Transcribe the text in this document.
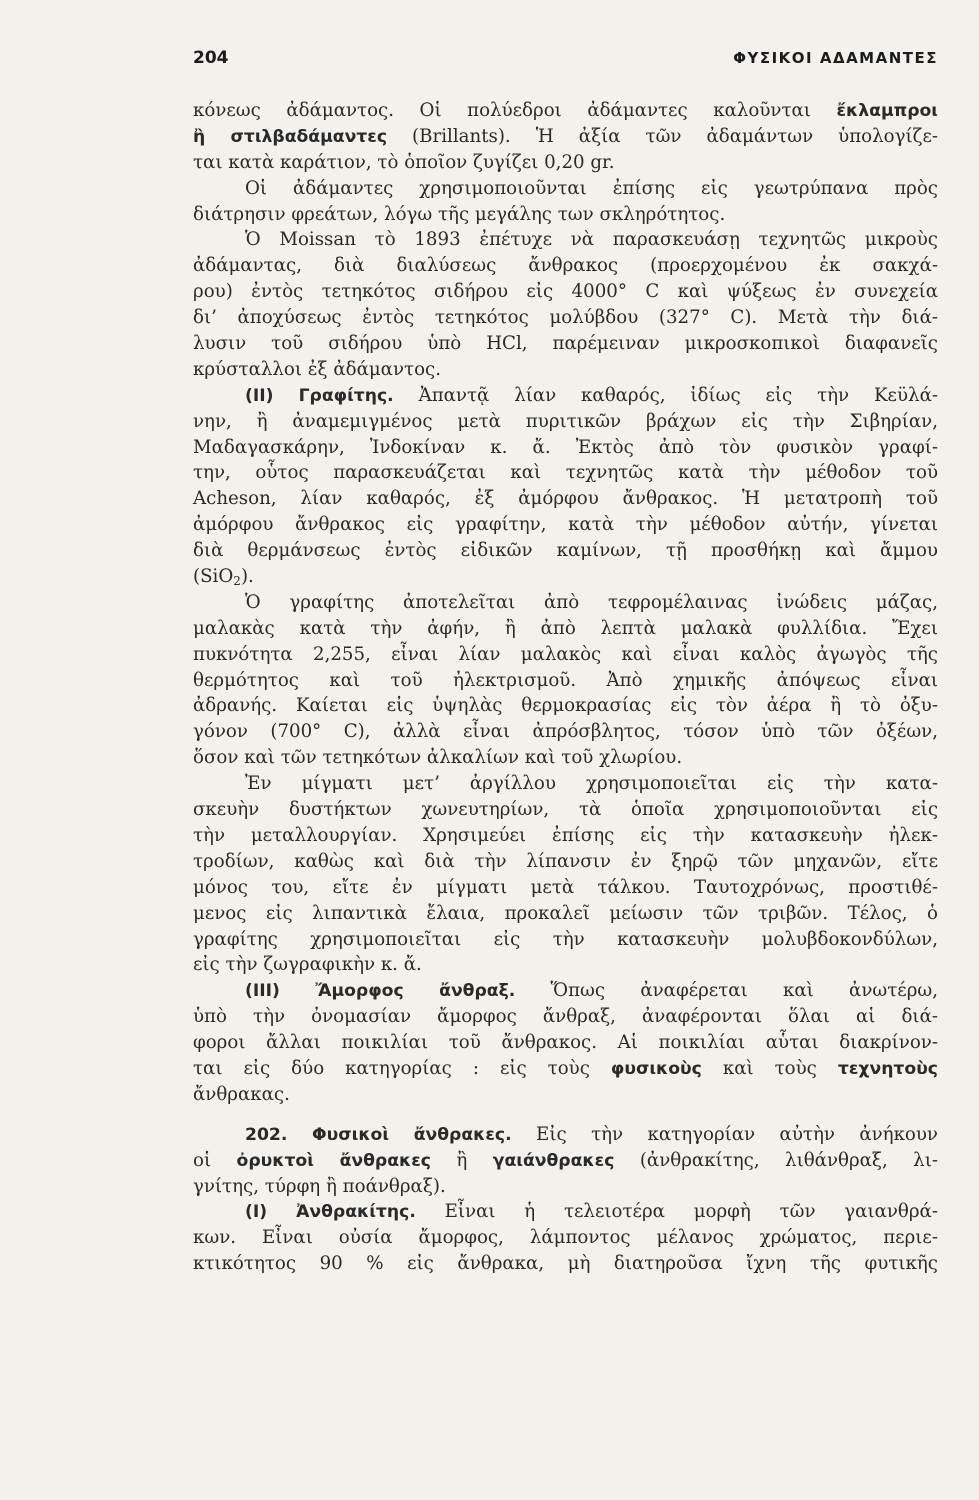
204	ΦΥΣΙΚΟΙ ΑΔΑΜΑΝΤΕΣ
κόνεως ἀδάμαντος. Οἱ πολύεδροι ἀδάμαντες καλοῦνται ἔκλαμπροι
ἢ στιλβαδάμαντες (Brillants). Ἡ ἀξία τῶν ἀδαμάντων ὑπολογίζε-
ται κατὰ καράτιον, τὸ ὁποῖον ζυγίζει 0,20 gr.
Οἱ ἀδάμαντες χρησιμοποιοῦνται ἐπίσης εἰς γεωτρύπανα πρὸς
διάτρησιν φρεάτων, λόγω τῆς μεγάλης των σκληρότητος.
Ὁ Moissan τὸ 1893 ἐπέτυχε νὰ παρασκευάσῃ τεχνητῶς μικροὺς
ἀδάμαντας, διὰ διαλύσεως ἄνθρακος (προερχομένου ἐκ σακχά-
ρου) ἐντὸς τετηκότος σιδήρου εἰς 4000° C καὶ ψύξεως ἐν συνεχεία
δι’ ἀποχύσεως ἐντὸς τετηκότος μολύβδου (327° C). Μετὰ τὴν διά-
λυσιν τοῦ σιδήρου ὑπὸ HCl, παρέμειναν μικροσκοπικοὶ διαφανεῖς
κρύσταλλοι ἐξ ἀδάμαντος.
(ΙΙ) Γραφίτης. Ἀπαντᾷ λίαν καθαρός, ἰδίως εἰς τὴν Κεϋλά-
νην, ἢ ἀναμεμιγμένος μετὰ πυριτικῶν βράχων εἰς τὴν Σιβηρίαν,
Μαδαγασκάρην, Ἰνδοκίναν κ. ἄ. Ἐκτὸς ἀπὸ τὸν φυσικὸν γραφί-
την, οὗτος παρασκευάζεται καὶ τεχνητῶς κατὰ τὴν μέθοδον τοῦ
Acheson, λίαν καθαρός, ἐξ ἀμόρφου ἄνθρακος. Ἡ μετατροπὴ τοῦ
ἀμόρφου ἄνθρακος εἰς γραφίτην, κατὰ τὴν μέθοδον αὐτήν, γίνεται
διὰ θερμάνσεως ἐντὸς εἰδικῶν καμίνων, τῇ προσθήκῃ καὶ ἄμμου
(SiO$_2$).
Ὁ γραφίτης ἀποτελεῖται ἀπὸ τεφρομέλαινας ἰνώδεις μάζας,
μαλακὰς κατὰ τὴν ἀφήν, ἢ ἀπὸ λεπτὰ μαλακὰ φυλλίδια. Ἔχει
πυκνότητα 2,255, εἶναι λίαν μαλακὸς καὶ εἶναι καλὸς ἀγωγὸς τῆς
θερμότητος καὶ τοῦ ἠλεκτρισμοῦ. Ἀπὸ χημικῆς ἀπόψεως εἶναι
ἀδρανής. Καίεται εἰς ὑψηλὰς θερμοκρασίας εἰς τὸν ἀέρα ἢ τὸ ὀξυ-
γόνον (700° C), ἀλλὰ εἶναι ἀπρόσβλητος, τόσον ὑπὸ τῶν ὀξέων,
ὅσον καὶ τῶν τετηκότων ἀλκαλίων καὶ τοῦ χλωρίου.
Ἐν μίγματι μετ’ ἀργίλλου χρησιμοποιεῖται εἰς τὴν κατα-
σκευὴν δυστήκτων χωνευτηρίων, τὰ ὁποῖα χρησιμοποιοῦνται εἰς
τὴν μεταλλουργίαν. Χρησιμεύει ἐπίσης εἰς τὴν κατασκευὴν ἠλεκ-
τροδίων, καθὼς καὶ διὰ τὴν λίπανσιν ἐν ξηρῷ τῶν μηχανῶν, εἴτε
μόνος του, εἴτε ἐν μίγματι μετὰ τάλκου. Ταυτοχρόνως, προστιθέ-
μενος εἰς λιπαντικὰ ἔλαια, προκαλεῖ μείωσιν τῶν τριβῶν. Τέλος, ὁ
γραφίτης χρησιμοποιεῖται εἰς τὴν κατασκευὴν μολυβδοκονδύλων,
εἰς τὴν ζωγραφικὴν κ. ἄ.
(ΙΙΙ) Ἄμορφος ἄνθραξ. Ὅπως ἀναφέρεται καὶ ἀνωτέρω,
ὑπὸ τὴν ὀνομασίαν ἄμορφος ἄνθραξ, ἀναφέρονται ὅλαι αἱ διά-
φοροι ἄλλαι ποικιλίαι τοῦ ἄνθρακος. Αἱ ποικιλίαι αὗται διακρίνον-
ται εἰς δύο κατηγορίας : εἰς τοὺς φυσικοὺς καὶ τοὺς τεχνητοὺς
ἄνθρακας.
202. Φυσικοὶ ἄνθρακες. Εἰς τὴν κατηγορίαν αὐτὴν ἀνήκουν
οἱ ὀρυκτοὶ ἄνθρακες ἢ γαιάνθρακες (ἀνθρακίτης, λιθάνθραξ, λι-
γνίτης, τύρφη ἢ ποάνθραξ).
(Ι) Ἀνθρακίτης. Εἶναι ἡ τελειοτέρα μορφὴ τῶν γαιανθρά-
κων. Εἶναι οὐσία ἄμορφος, λάμποντος μέλανος χρώματος, περιε-
κτικότητος 90 % εἰς ἄνθρακα, μὴ διατηροῦσα ἴχνη τῆς φυτικῆς
